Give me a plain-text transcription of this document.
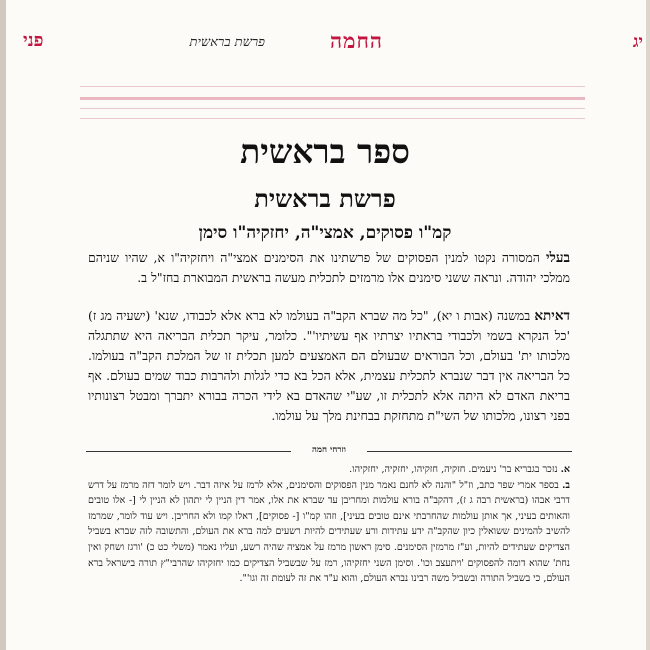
יג
החמה
פרשת בראשית
פני
ספר בראשית
פרשת בראשית
קמ"ו פסוקים, אמצי"ה, יחזקיה"ו סימן
בעלי המסורה נקטו למנין הפסוקים של פרשתינו את הסימנים אמצי"ה ויחזקיה"ו א, שהיו שניהם ממלכי יהודה. ונראה ששני סימנים אלו מרמזים לתכלית מעשה בראשית המבוארת בחז"ל ב.
דאיתא במשנה (אבות ו יא), "כל מה שברא הקב"ה בעולמו לא ברא אלא לכבודו, שנא' (ישעיה מג ז) 'כל הנקרא בשמי ולכבודי בראתיו יצרתיו אף עשיתיו'". כלומר, עיקר תכלית הבריאה היא שתתגלה מלכותו ית' בעולם, וכל הבוראים שבעולם הם האמצעים למען תכלית זו של המלכת הקב"ה בעולמו. כל הבריאה אין דבר שנברא לתכלית עצמית, אלא הכל בא כדי לגלות ולהרבות כבוד שמים בעולם. אף בריאת האדם לא היתה אלא לתכלית זו, שע"י שהאדם בא לידי הכרה בבורא יתברך ומבטל רצונותיו בפני רצונו, מלכותו של השי"ת מתחזקת בבחינת מלך על עולמו.
וזרחי חמה
א. נזכר בגבריא בר' ניעמים. חזקיה, חזקיהו, יחזקיה, יחזקיהו.
ב. בספר אמרי שפר כתב, וז"ל "והנה לא לחנם נאמר מנין הפסוקים והסימנים, אלא לרמז על איזה דבר. ויש לומר דזה מרמז על דרש דרבי אבהו (בראשית רבה ג ז), דהקב"ה בורא עולמות ומחריבן עד שברא את אלו, אמר דין הניין לי יתהון לא הניין לי [- אלו טובים והאותים בעיני, אך אותן עולמות שהחרבתי אינם טובים בעיני], וזהו קמ"ו [- פסוקים], דאלו קמו ולא החריבן. ויש עוד לומר, שמרמז להשיב להמינים ששואלין כיון שהקב"ה ידע עתידות ורע שעתידים להיות רשעים למה ברא את העולם, והתשובה לזה שברא בשביל הצדיקים שעתידים להיות, וע"ז מרמזין הסימנים. סימן ראשון מרמז על אמציה שהיה רשע, ועליו נאמר (משלי כט כ) 'ורגז ושחק ואין נחת' שהוא דומה להפסוקים 'ויתעצב וכו'. וסימן השני יחזקיהו, רמז על שבשביל הצדיקים כמו יחזקיהו שהרבי"ץ תורה בישראל ברא העולם, כי בשביל התורה ובשביל משה רבינו נברא העולם, והוא ע"ד את זה לעומת זה וגו'".
